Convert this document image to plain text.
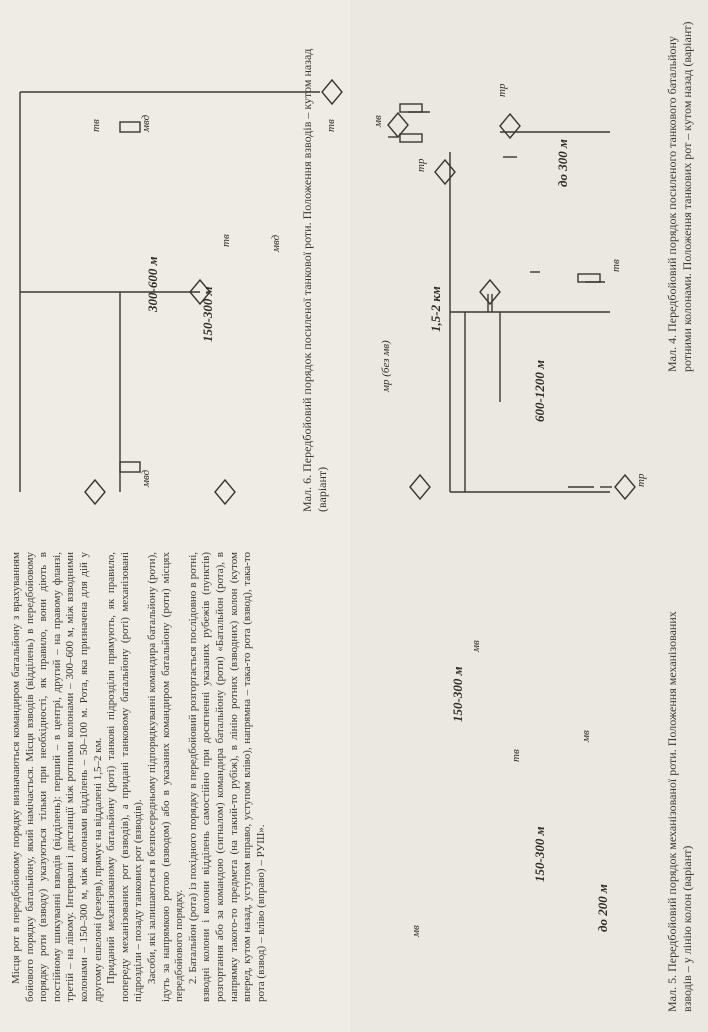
600-1200 м
1,5-2 км
до 300 м
тр
тр
тр
тв
мв
мр (без мв)	Мал. 4. Передбойовий порядок посиленого танкового батальйону ротними колонами. Положення танкових рот – кутом назад (варіант)
150-300 м
150-300 м
до 200 м
мв
мв
мв
тв	Мал. 5. Передбойовий порядок механізованої роти. Положення механізованих взводів – у лінію колон (варіант)
300-600 м
150-300 м
тв
тв
тв	мвд
мвд
мвд

Місця рот в передбойовому порядку визначаються командиром батальйону з врахуванням бойового порядку батальйону, який намічається. Місця взводів (відділень) в передбойовому порядку роти (взводу) указуються тільки при необхідності, як правило, вони діють в постійному шикуванні взводів (відділень): перший – в центрі, другий – на правому фланзі, третій – на лівому. Інтервали і дистанції між ротними колонами – 300–600 м, між взводними колонами – 150–300 м, між колонами відділень – 50–100 м. Рота, яка призначена для дій у другому ешелоні (резерв), прямує на віддалені 1,5–2 км. Приданий механізованому батальйону (роті) танкові підрозділи прямують, як правило, попереду механізованих рот (взводів), а придані танковому батальйону (роті) механізовані підрозділи – позаду танкових рот (взводів). Засоби, які залишаються в безпосередньому підпорядкуванні командира батальйону (роти), ідуть за напрямкою ротою (взводом) або в указаних командиром батальйону (роти) місцях передбойового порядку. 2. Батальйон (рота) із похідного порядку в передбойовий розгортається послідовно в ротні, взводні колони і колони відділень самостійно при досягненні указаних рубежів (пунктів) розгортання або за командою (сигналом) командира батальйону (роти) «Батальйон (рота), в напрямку такого-то предмета (на такий-то рубіж), в лінію ротних (взводних) колон (кутом вперед, кутом назад, уступом вправо, уступом вліво), напрямна – така-то рота (взвод), така-то рота (взвод) – вліво (вправо) – РУШ».

Мал. 6. Передбойовий порядок посиленої танкової роти. Положення взводів – кутом назад (варіант)
